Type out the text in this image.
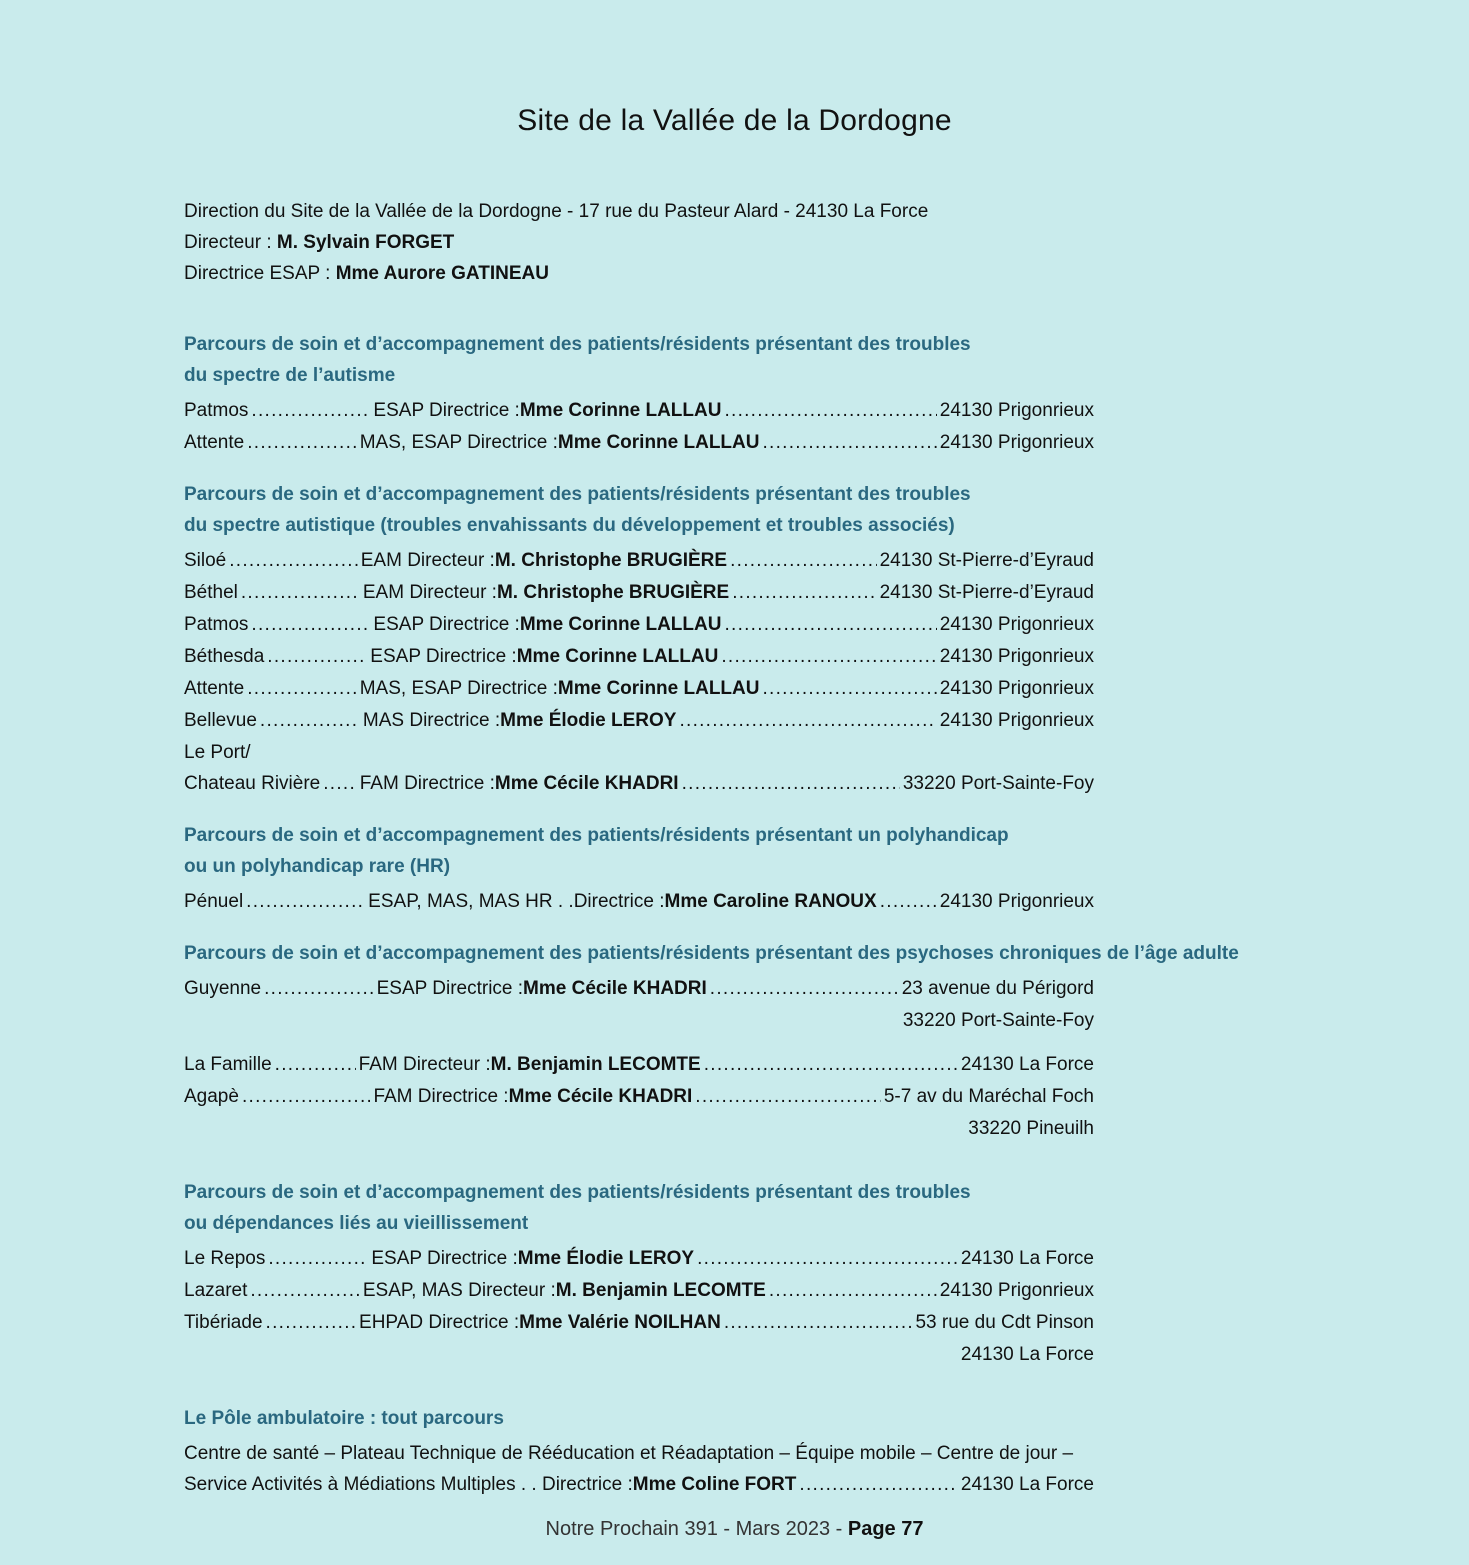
Site de la Vallée de la Dordogne
Direction du Site de la Vallée de la Dordogne - 17 rue du Pasteur Alard - 24130 La Force
Directeur : M. Sylvain FORGET
Directrice ESAP : Mme Aurore GATINEAU
Parcours de soin et d’accompagnement des patients/résidents présentant des troubles
du spectre de l’autisme
Patmos . . .	ESAP Directrice : Mme Corinne LALLAU . . .	24130 Prigonrieux
Attente . . .	MAS, ESAP Directrice : Mme Corinne LALLAU . . .	24130 Prigonrieux
Parcours de soin et d’accompagnement des patients/résidents présentant des troubles
du spectre autistique (troubles envahissants du développement et troubles associés)
Siloé . . .	EAM Directeur : M. Christophe BRUGIÈRE . . .	24130 St-Pierre-d’Eyraud
Béthel . . .	EAM Directeur : M. Christophe BRUGIÈRE . . .	24130 St-Pierre-d’Eyraud
Patmos . . .	ESAP Directrice : Mme Corinne LALLAU . . .	24130 Prigonrieux
Béthesda . . .	ESAP Directrice : Mme Corinne LALLAU . . .	24130 Prigonrieux
Attente . . .	MAS, ESAP Directrice : Mme Corinne LALLAU . . .	24130 Prigonrieux
Bellevue . . .	MAS Directrice : Mme Élodie LEROY . . .	24130 Prigonrieux
Le Port/
Chateau Rivière . . . FAM Directrice : Mme Cécile KHADRI . . .	33220 Port-Sainte-Foy
Parcours de soin et d’accompagnement des patients/résidents présentant un polyhandicap
ou un polyhandicap rare (HR)
Pénuel . . .	ESAP, MAS, MAS HR . .Directrice : Mme Caroline RANOUX . . .	24130 Prigonrieux
Parcours de soin et d’accompagnement des patients/résidents présentant des psychoses chroniques de l’âge adulte
Guyenne . . .	ESAP Directrice : Mme Cécile KHADRI . . .	23 avenue du Périgord
33220 Port-Sainte-Foy
La Famille . . .	FAM Directeur : M. Benjamin LECOMTE . . .	24130 La Force
Agapè . . .	FAM Directrice : Mme Cécile KHADRI . . .	5-7 av du Maréchal Foch
33220 Pineuilh
Parcours de soin et d’accompagnement des patients/résidents présentant des troubles
ou dépendances liés au vieillissement
Le Repos . . .	ESAP Directrice : Mme Élodie LEROY . . .	24130 La Force
Lazaret . . .	ESAP, MAS Directeur : M. Benjamin LECOMTE . . .	24130 Prigonrieux
Tibériade . . .	EHPAD Directrice : Mme Valérie NOILHAN . . .	53 rue du Cdt Pinson
24130 La Force
Le Pôle ambulatoire : tout parcours
Centre de santé – Plateau Technique de Rééducation et Réadaptation – Équipe mobile – Centre de jour –
Service Activités à Médiations Multiples . . Directrice : Mme Coline FORT . . .	24130 La Force
Notre Prochain 391 - Mars 2023 - Page 77
